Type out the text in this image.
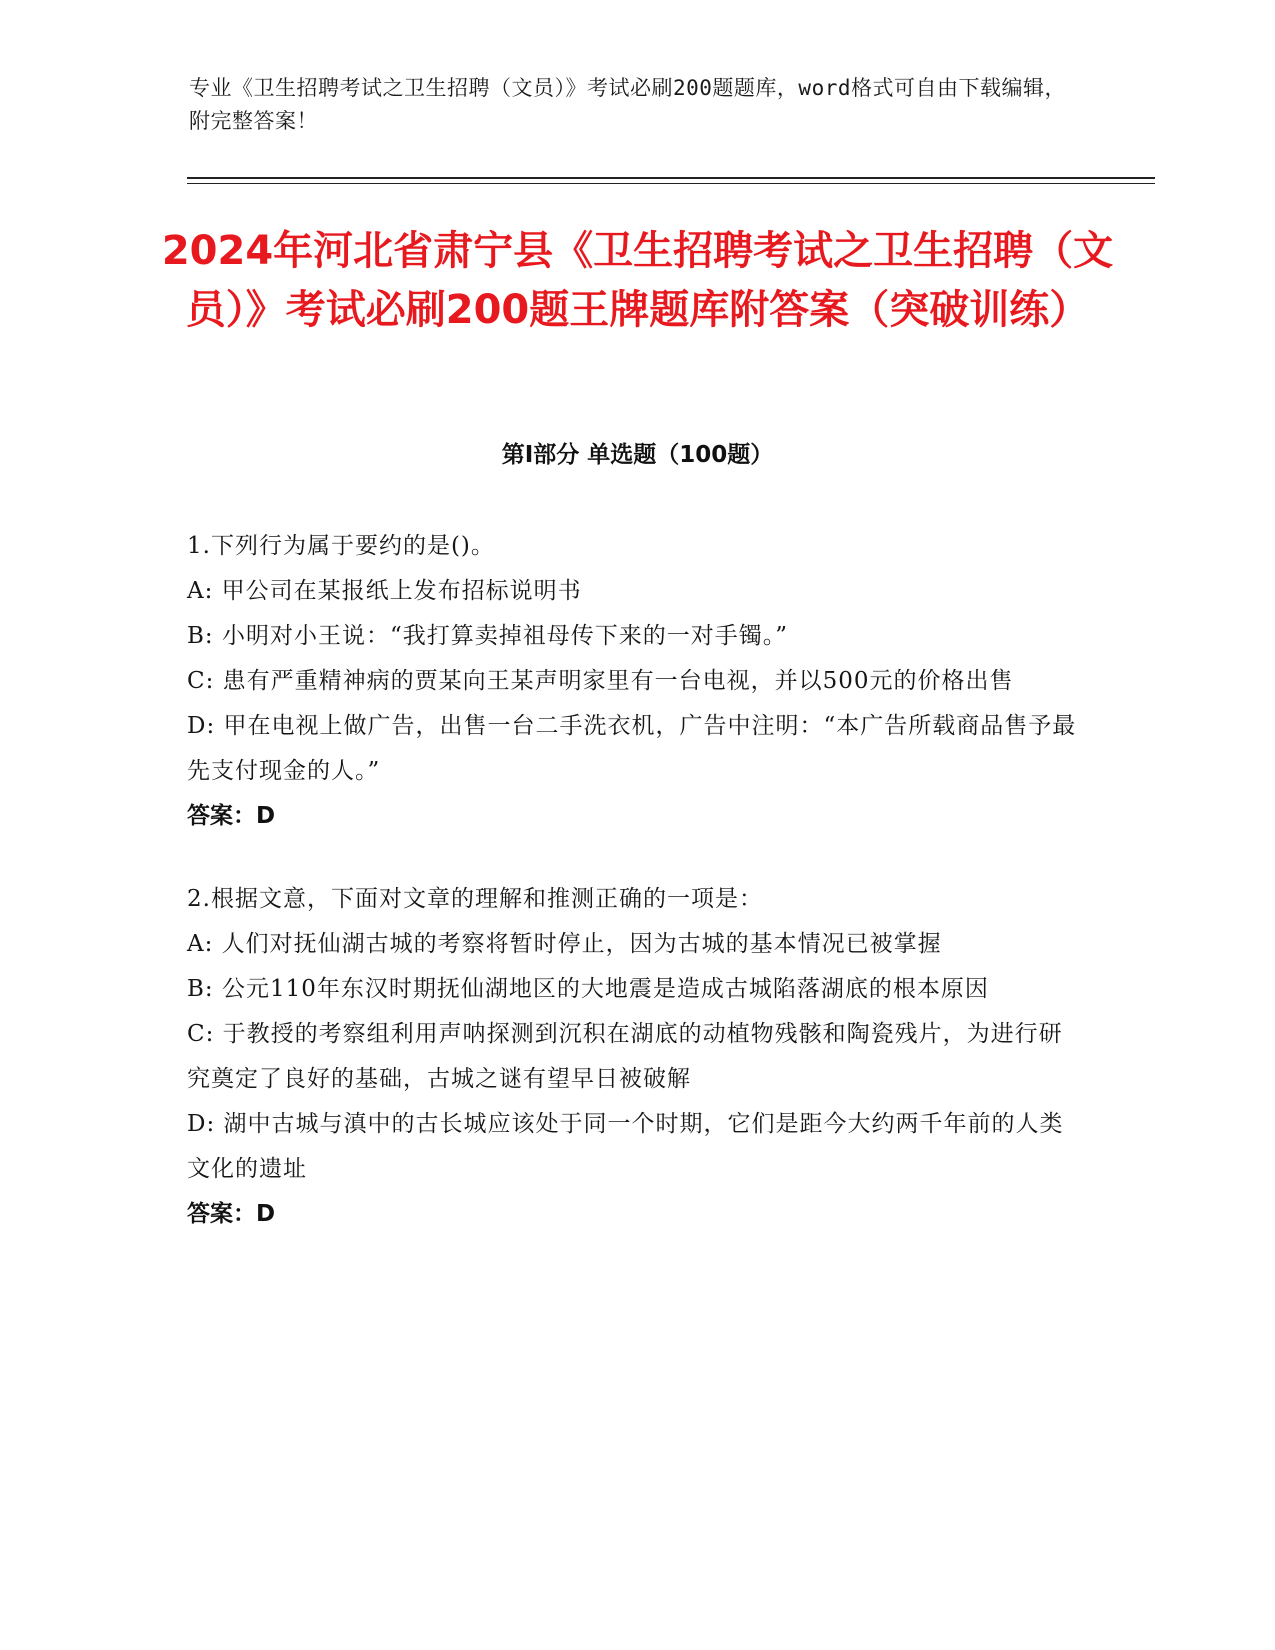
专业《卫生招聘考试之卫生招聘（文员）》考试必刷200题题库，word格式可自由下载编辑，附完整答案！
2024年河北省肃宁县《卫生招聘考试之卫生招聘（文员）》考试必刷200题王牌题库附答案（突破训练）
第Ⅰ部分 单选题（100题）
1.下列行为属于要约的是()。
A: 甲公司在某报纸上发布招标说明书
B: 小明对小王说：“我打算卖掉祖母传下来的一对手镯。”
C: 患有严重精神病的贾某向王某声明家里有一台电视，并以500元的价格出售
D: 甲在电视上做广告，出售一台二手洗衣机，广告中注明：“本广告所载商品售予最先支付现金的人。”
答案：D
2.根据文意，下面对文章的理解和推测正确的一项是：
A: 人们对抚仙湖古城的考察将暂时停止，因为古城的基本情况已被掌握
B: 公元110年东汉时期抚仙湖地区的大地震是造成古城陷落湖底的根本原因
C: 于教授的考察组利用声呐探测到沉积在湖底的动植物残骸和陶瓷残片，为进行研究奠定了良好的基础，古城之谜有望早日被破解
D: 湖中古城与滇中的古长城应该处于同一个时期，它们是距今大约两千年前的人类文化的遗址
答案：D
